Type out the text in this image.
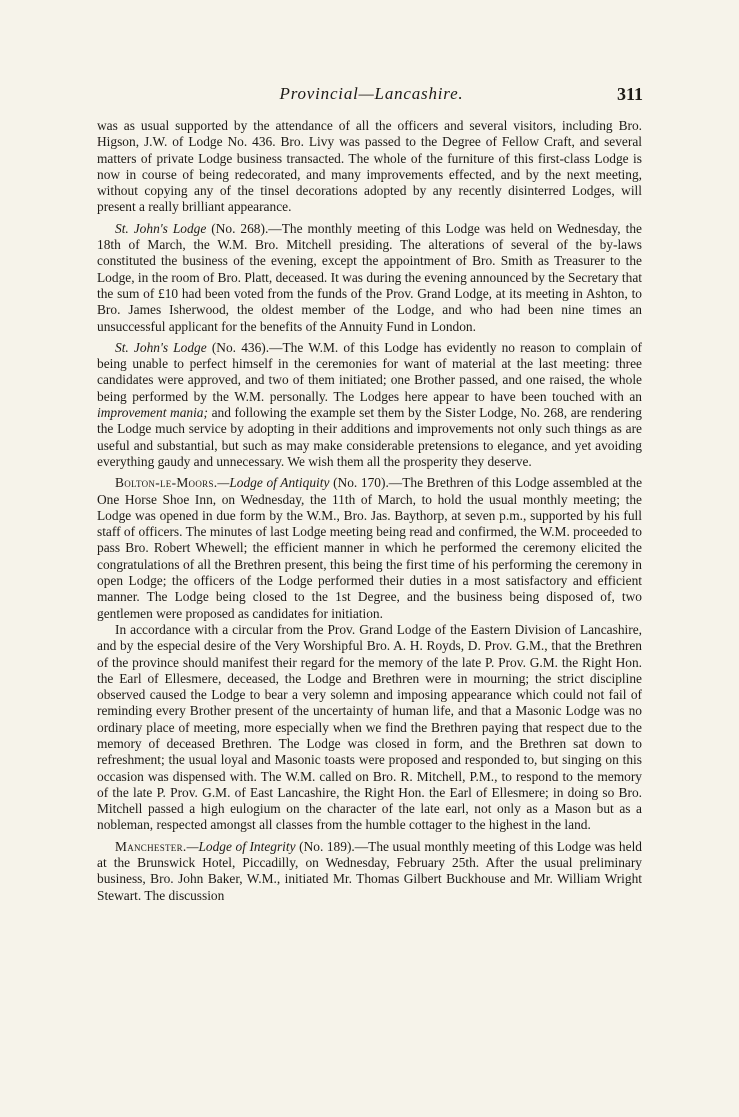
Provincial—Lancashire.	311

was as usual supported by the attendance of all the officers and several visitors, including Bro. Higson, J.W. of Lodge No. 436. Bro. Livy was passed to the Degree of Fellow Craft, and several matters of private Lodge business transacted. The whole of the furniture of this first-class Lodge is now in course of being redecorated, and many improvements effected, and by the next meeting, without copying any of the tinsel decorations adopted by any recently disinterred Lodges, will present a really brilliant appearance.

St. John's Lodge (No. 268).—The monthly meeting of this Lodge was held on Wednesday, the 18th of March, the W.M. Bro. Mitchell presiding. The alterations of several of the by-laws constituted the business of the evening, except the appointment of Bro. Smith as Treasurer to the Lodge, in the room of Bro. Platt, deceased. It was during the evening announced by the Secretary that the sum of £10 had been voted from the funds of the Prov. Grand Lodge, at its meeting in Ashton, to Bro. James Isherwood, the oldest member of the Lodge, and who had been nine times an unsuccessful applicant for the benefits of the Annuity Fund in London.

St. John's Lodge (No. 436).—The W.M. of this Lodge has evidently no reason to complain of being unable to perfect himself in the ceremonies for want of material at the last meeting: three candidates were approved, and two of them initiated; one Brother passed, and one raised, the whole being performed by the W.M. personally. The Lodges here appear to have been touched with an improvement mania; and following the example set them by the Sister Lodge, No. 268, are rendering the Lodge much service by adopting in their additions and improvements not only such things as are useful and substantial, but such as may make considerable pretensions to elegance, and yet avoiding everything gaudy and unnecessary. We wish them all the prosperity they deserve.

Bolton-le-Moors.—Lodge of Antiquity (No. 170).—The Brethren of this Lodge assembled at the One Horse Shoe Inn, on Wednesday, the 11th of March, to hold the usual monthly meeting; the Lodge was opened in due form by the W.M., Bro. Jas. Baythorp, at seven p.m., supported by his full staff of officers. The minutes of last Lodge meeting being read and confirmed, the W.M. proceeded to pass Bro. Robert Whewell; the efficient manner in which he performed the ceremony elicited the congratulations of all the Brethren present, this being the first time of his performing the ceremony in open Lodge; the officers of the Lodge performed their duties in a most satisfactory and efficient manner. The Lodge being closed to the 1st Degree, and the business being disposed of, two gentlemen were proposed as candidates for initiation.

In accordance with a circular from the Prov. Grand Lodge of the Eastern Division of Lancashire, and by the especial desire of the Very Worshipful Bro. A. H. Royds, D. Prov. G.M., that the Brethren of the province should manifest their regard for the memory of the late P. Prov. G.M. the Right Hon. the Earl of Ellesmere, deceased, the Lodge and Brethren were in mourning; the strict discipline observed caused the Lodge to bear a very solemn and imposing appearance which could not fail of reminding every Brother present of the uncertainty of human life, and that a Masonic Lodge was no ordinary place of meeting, more especially when we find the Brethren paying that respect due to the memory of deceased Brethren. The Lodge was closed in form, and the Brethren sat down to refreshment; the usual loyal and Masonic toasts were proposed and responded to, but singing on this occasion was dispensed with. The W.M. called on Bro. R. Mitchell, P.M., to respond to the memory of the late P. Prov. G.M. of East Lancashire, the Right Hon. the Earl of Ellesmere; in doing so Bro. Mitchell passed a high eulogium on the character of the late earl, not only as a Mason but as a nobleman, respected amongst all classes from the humble cottager to the highest in the land.

Manchester.—Lodge of Integrity (No. 189).—The usual monthly meeting of this Lodge was held at the Brunswick Hotel, Piccadilly, on Wednesday, February 25th. After the usual preliminary business, Bro. John Baker, W.M., initiated Mr. Thomas Gilbert Buckhouse and Mr. William Wright Stewart. The discussion
